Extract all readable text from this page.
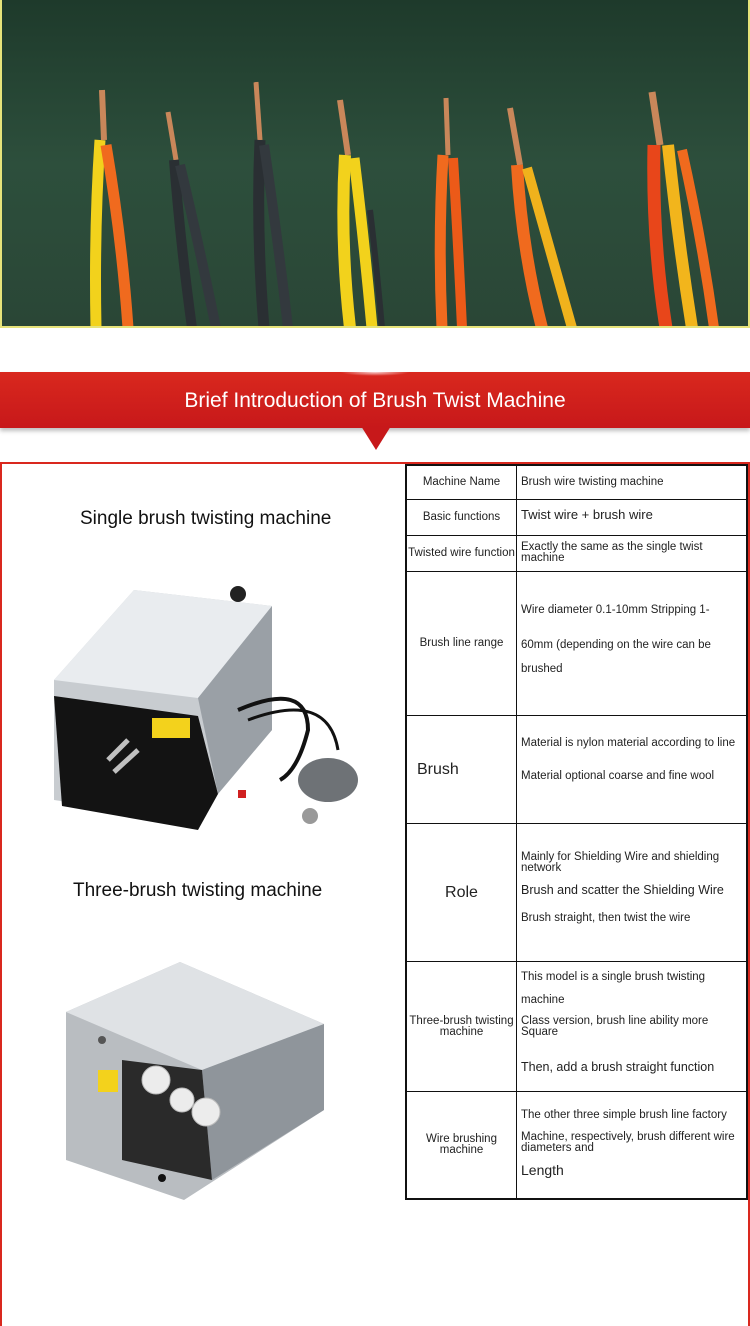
Brief Introduction of Brush Twist Machine
Single brush twisting machine
Three-brush twisting machine
Machine Name	Brush wire twisting machine
Basic functions	Twist wire + brush wire
Twisted wire function Exactly the same as the single twist machine
Brush line range
Wire diameter 0.1-10mm Stripping 1-
60mm (depending on the wire can be
brushed
Brush
Material is nylon material according to line
Material optional coarse and fine wool
Role
Mainly for Shielding Wire and shielding network
Brush and scatter the Shielding Wire
Brush straight, then twist the wire
Three-brush twisting machine
This model is a single brush twisting
machine
Class version, brush line ability more Square
Then, add a brush straight function
Wire brushing machine
The other three simple brush line factory
Machine, respectively, brush different wire diameters and
Length
